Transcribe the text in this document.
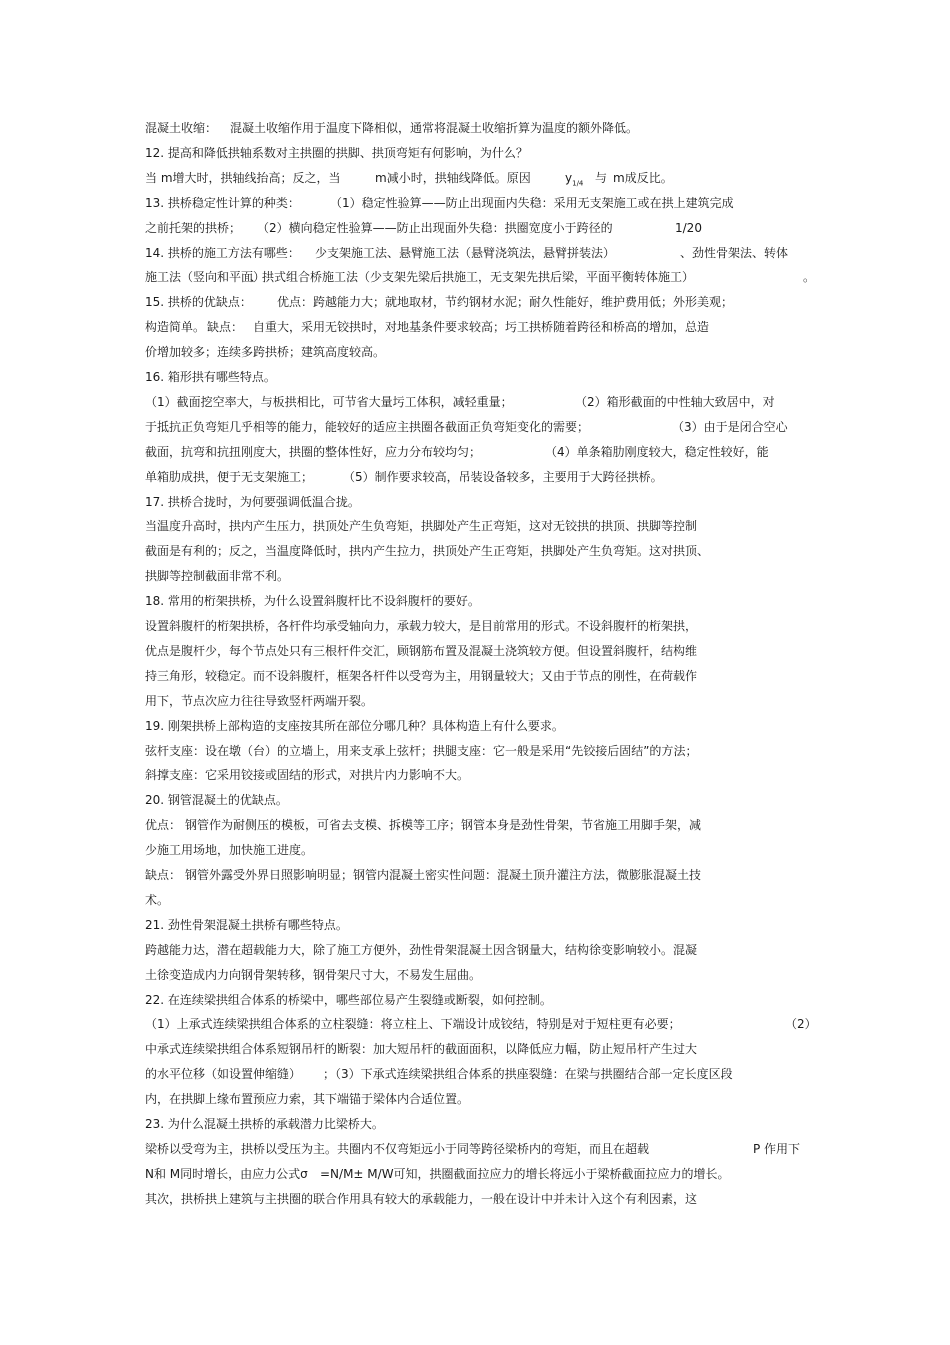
混凝土收缩： 混凝土收缩作用于温度下降相似，通常将混凝土收缩折算为温度的额外降低。
12. 提高和降低拱轴系数对主拱圈的拱脚、拱顶弯矩有何影响，为什么？
当 m增大时，拱轴线抬高；反之，当	m减小时，拱轴线降低。原因	$y_{1/4}$ 与 m成反比。
13. 拱桥稳定性计算的种类：	（1）稳定性验算——防止出现面内失稳：采用无支架施工或在拱上建筑完成
之前托架的拱桥； （2）横向稳定性验算——防止出现面外失稳：拱圈宽度小于跨径的	1/20
14. 拱桥的施工方法有哪些： 少支架施工法、悬臂施工法（悬臂浇筑法，悬臂拼装法）	、劲性骨架法、转体
施工法（竖向和平面）
、拱式组合桥施工法（少支架先梁后拱施工，无支架先拱后梁，平面平衡转体施工）	。
15. 拱桥的优缺点： 优点：跨越能力大；就地取材，节约钢材水泥；耐久性能好，维护费用低；外形美观；
构造简单。 缺点： 自重大，采用无铰拱时，对地基条件要求较高；圬工拱桥随着跨径和桥高的增加，总造
价增加较多；连续多跨拱桥；建筑高度较高。
16. 箱形拱有哪些特点。
（1）截面挖空率大，与板拱相比，可节省大量圬工体积，减轻重量；	（2）箱形截面的中性轴大致居中，对
于抵抗正负弯矩几乎相等的能力，能较好的适应主拱圈各截面正负弯矩变化的需要；	（3）由于是闭合空心
截面，抗弯和抗扭刚度大，拱圈的整体性好，应力分布较均匀；	（4）单条箱肋刚度较大，稳定性较好，能
单箱肋成拱，便于无支架施工； （5）制作要求较高，吊装设备较多，主要用于大跨径拱桥。
17. 拱桥合拢时，为何要强调低温合拢。
当温度升高时，拱内产生压力，拱顶处产生负弯矩，拱脚处产生正弯矩，这对无铰拱的拱顶、拱脚等控制
截面是有利的；反之，当温度降低时，拱内产生拉力，拱顶处产生正弯矩，拱脚处产生负弯矩。这对拱顶、
拱脚等控制截面非常不利。
18. 常用的桁架拱桥，为什么设置斜腹杆比不设斜腹杆的要好。
设置斜腹杆的桁架拱桥，各杆件均承受轴向力，承载力较大，是目前常用的形式。不设斜腹杆的桁架拱，
优点是腹杆少，每个节点处只有三根杆件交汇，顾钢筋布置及混凝土浇筑较方便。但设置斜腹杆，结构维
持三角形，较稳定。而不设斜腹杆，框架各杆件以受弯为主，用钢量较大；又由于节点的刚性，在荷载作
用下，节点次应力往往导致竖杆两端开裂。
19. 刚架拱桥上部构造的支座按其所在部位分哪几种？具体构造上有什么要求。
弦杆支座：设在墩（台）的立墙上，用来支承上弦杆；拱腿支座：它一般是采用“先铰接后固结”的方法；
斜撑支座：它采用铰接或固结的形式，对拱片内力影响不大。
20. 钢管混凝土的优缺点。
优点： 钢管作为耐侧压的模板，可省去支模、拆模等工序；钢管本身是劲性骨架，节省施工用脚手架，减
少施工用场地，加快施工进度。
缺点： 钢管外露受外界日照影响明显；钢管内混凝土密实性问题：混凝土顶升灌注方法，微膨胀混凝土技
术。
21. 劲性骨架混凝土拱桥有哪些特点。
跨越能力达，潜在超载能力大，除了施工方便外，劲性骨架混凝土因含钢量大，结构徐变影响较小。混凝
土徐变造成内力向钢骨架转移，钢骨架尺寸大，不易发生屈曲。
22. 在连续梁拱组合体系的桥梁中，哪些部位易产生裂缝或断裂，如何控制。
（1）上承式连续梁拱组合体系的立柱裂缝：将立柱上、下端设计成铰结，特别是对于短柱更有必要；	（2）
中承式连续梁拱组合体系短钢吊杆的断裂：加大短吊杆的截面面积，以降低应力幅，防止短吊杆产生过大
的水平位移（如设置伸缩缝） ；（3）下承式连续梁拱组合体系的拱座裂缝：在梁与拱圈结合部一定长度区段
内，在拱脚上缘布置预应力索，其下端锚于梁体内合适位置。
23. 为什么混凝土拱桥的承载潜力比梁桥大。
梁桥以受弯为主，拱桥以受压为主。共圈内不仅弯矩远小于同等跨径梁桥内的弯矩，而且在超载	P 作用下
N和 M同时增长，由应力公式σ =N/M± M/W可知，拱圈截面拉应力的增长将远小于梁桥截面拉应力的增长。
其次，拱桥拱上建筑与主拱圈的联合作用具有较大的承载能力，一般在设计中并未计入这个有利因素，这
